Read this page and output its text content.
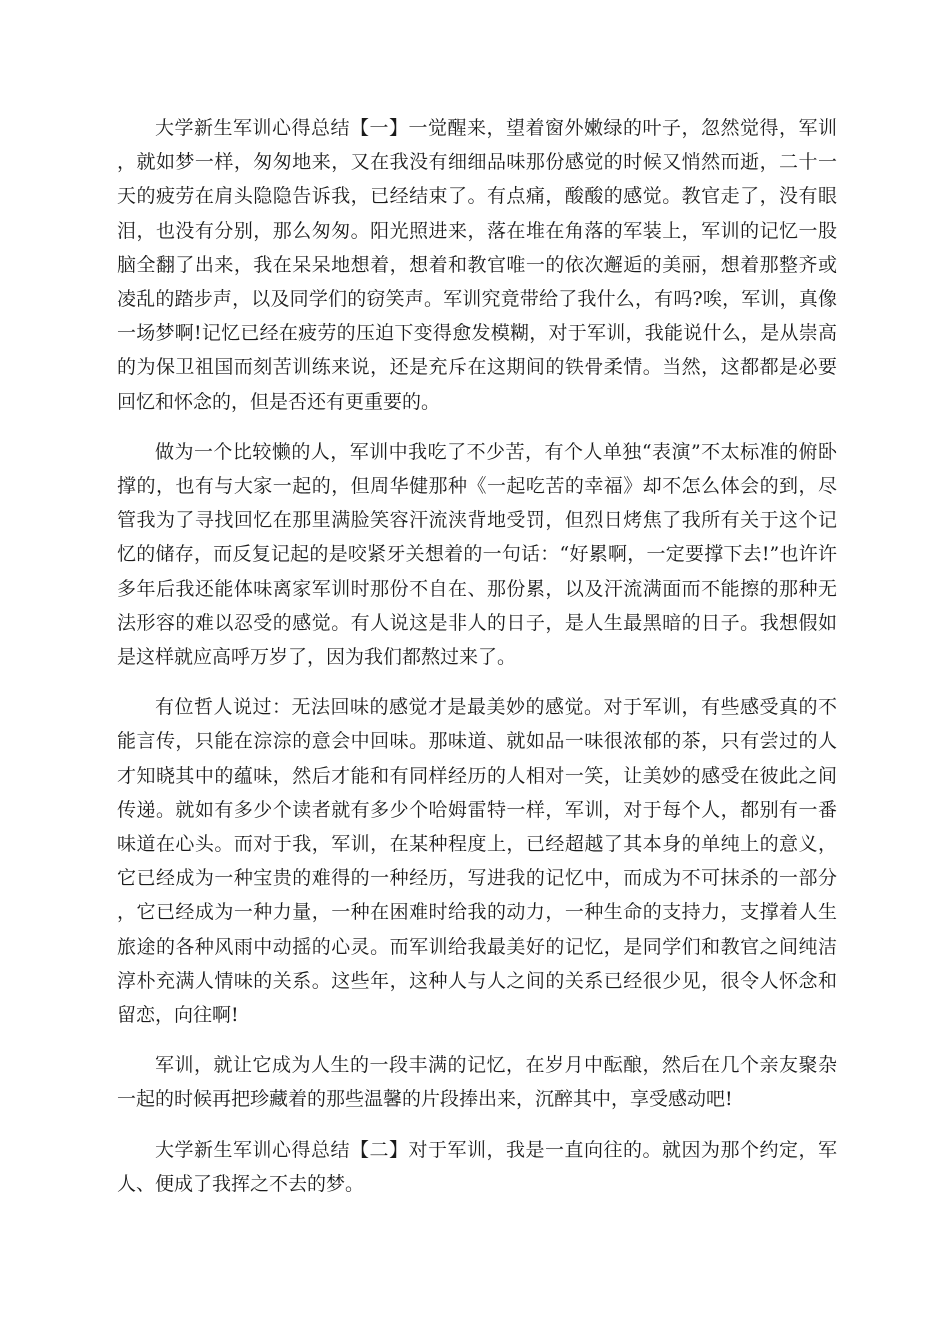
大学新生军训心得总结【一】一觉醒来，望着窗外嫩绿的叶子，忽然觉得，军训，就如梦一样，匆匆地来，又在我没有细细品味那份感觉的时候又悄然而逝，二十一天的疲劳在肩头隐隐告诉我，已经结束了。有点痛，酸酸的感觉。教官走了，没有眼泪，也没有分别，那么匆匆。阳光照进来，落在堆在角落的军装上，军训的记忆一股脑全翻了出来，我在呆呆地想着，想着和教官唯一的依次邂逅的美丽，想着那整齐或凌乱的踏步声，以及同学们的窃笑声。军训究竟带给了我什么，有吗?唉，军训，真像一场梦啊!记忆已经在疲劳的压迫下变得愈发模糊，对于军训，我能说什么，是从崇高的为保卫祖国而刻苦训练来说，还是充斥在这期间的铁骨柔情。当然，这都都是必要回忆和怀念的，但是否还有更重要的。

做为一个比较懒的人，军训中我吃了不少苦，有个人单独“表演”不太标准的俯卧撑的，也有与大家一起的，但周华健那种《一起吃苦的幸福》却不怎么体会的到，尽管我为了寻找回忆在那里满脸笑容汗流浃背地受罚，但烈日烤焦了我所有关于这个记忆的储存，而反复记起的是咬紧牙关想着的一句话：“好累啊，一定要撑下去!”也许许多年后我还能体味离家军训时那份不自在、那份累，以及汗流满面而不能擦的那种无法形容的难以忍受的感觉。有人说这是非人的日子，是人生最黑暗的日子。我想假如是这样就应高呼万岁了，因为我们都熬过来了。

有位哲人说过：无法回味的感觉才是最美妙的感觉。对于军训，有些感受真的不能言传，只能在淙淙的意会中回味。那味道、就如品一味很浓郁的茶，只有尝过的人才知晓其中的蕴味，然后才能和有同样经历的人相对一笑，让美妙的感受在彼此之间传递。就如有多少个读者就有多少个哈姆雷特一样，军训，对于每个人，都别有一番味道在心头。而对于我，军训，在某种程度上，已经超越了其本身的单纯上的意义，它已经成为一种宝贵的难得的一种经历，写进我的记忆中，而成为不可抹杀的一部分，它已经成为一种力量，一种在困难时给我的动力，一种生命的支持力，支撑着人生旅途的各种风雨中动摇的心灵。而军训给我最美好的记忆，是同学们和教官之间纯洁淳朴充满人情味的关系。这些年，这种人与人之间的关系已经很少见，很令人怀念和留恋，向往啊!

军训，就让它成为人生的一段丰满的记忆，在岁月中酝酿，然后在几个亲友聚杂一起的时候再把珍藏着的那些温馨的片段捧出来，沉醉其中，享受感动吧!

大学新生军训心得总结【二】对于军训，我是一直向往的。就因为那个约定，军人、便成了我挥之不去的梦。
